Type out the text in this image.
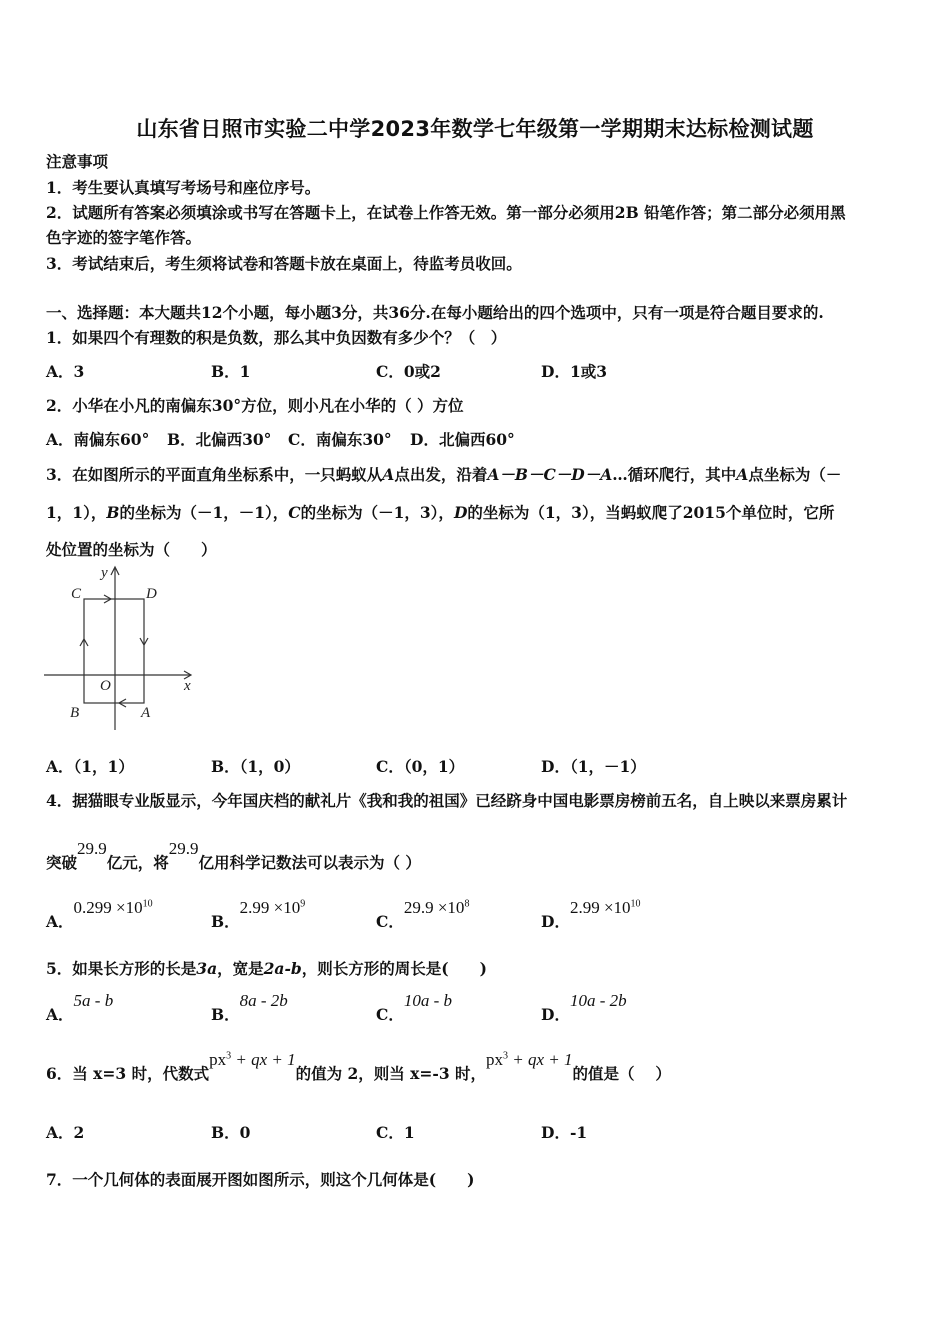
山东省日照市实验二中学2023年数学七年级第一学期期末达标检测试题
注意事项
1．考生要认真填写考场号和座位序号。
2．试题所有答案必须填涂或书写在答题卡上，在试卷上作答无效。第一部分必须用2B 铅笔作答；第二部分必须用黑
色字迹的签字笔作答。
3．考试结束后，考生须将试卷和答题卡放在桌面上，待监考员收回。
一、选择题：本大题共12个小题，每小题3分，共36分.在每小题给出的四个选项中，只有一项是符合题目要求的.
1．如果四个有理数的积是负数，那么其中负因数有多少个？（　）
A．3	B．1	C．0或2	D．1或3
2．小华在小凡的南偏东30°方位，则小凡在小华的（ ）方位
A．南偏东60° B．北偏西30° C．南偏东30° D．北偏西60°
3．在如图所示的平面直角坐标系中，一只蚂蚁从A点出发，沿着A－B－C－D－A…循环爬行，其中A点坐标为（－
1，1），B的坐标为（－1，－1），C的坐标为（－1，3），D的坐标为（1，3），当蚂蚁爬了2015个单位时，它所
处位置的坐标为（　　）
y
x
O
C	D
B	A
A．（1，1）	B．（1，0）	C．（0，1）	D．（1，－1）
4．据猫眼专业版显示，今年国庆档的献礼片《我和我的祖国》已经跻身中国电影票房榜前五名，自上映以来票房累计
突破29.9亿元，将29.9亿用科学记数法可以表示为（ ）
A．$0.299 \times 10^{10}$
B．$2.99 \times 10^9$
C．$29.9 \times 10^8$
D．$2.99 \times 10^{10}$
5．如果长方形的长是3a，宽是2a-b，则长方形的周长是(　　)
A．5a - b
B．8a - 2b
C．10a - b
D．10a - 2b
6．当 x=3 时，代数式$px^3$ + qx + 1的值为 2，则当 x=-3 时，$px^3$ + qx + 1的值是（　 ）
A．2	B．0	C．1	D．-1
7．一个几何体的表面展开图如图所示，则这个几何体是(　　)
